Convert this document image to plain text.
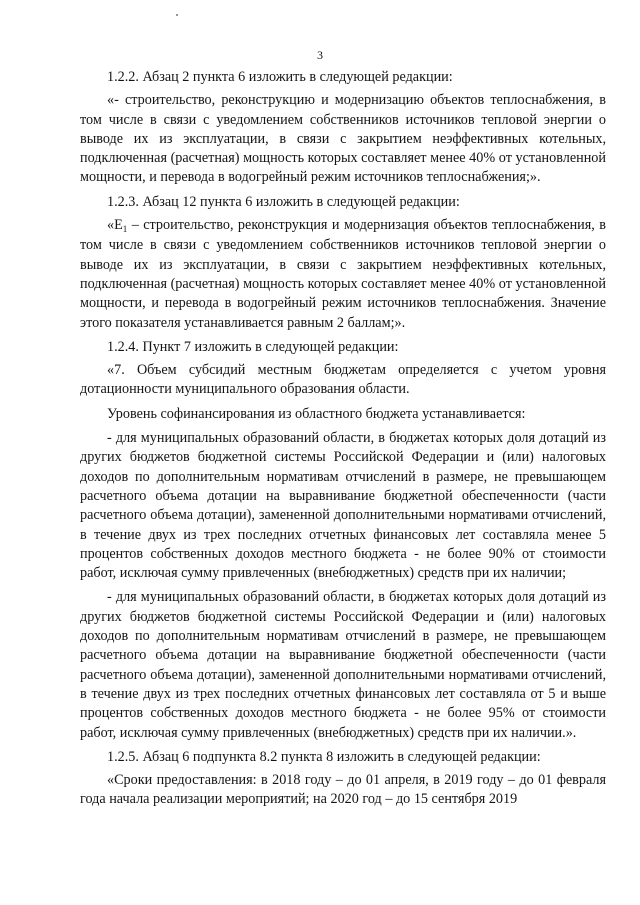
3

1.2.2. Абзац 2 пункта 6 изложить в следующей редакции:

«- строительство, реконструкцию и модернизацию объектов теплоснабжения, в том числе в связи с уведомлением собственников источников тепловой энергии о выводе их из эксплуатации, в связи с закрытием неэффективных котельных, подключенная (расчетная) мощность которых составляет менее 40% от установленной мощности, и перевода в водогрейный режим источников теплоснабжения;».

1.2.3. Абзац 12 пункта 6 изложить в следующей редакции:

«$E_1$ – строительство, реконструкция и модернизация объектов теплоснабжения, в том числе в связи с уведомлением собственников источников тепловой энергии о выводе их из эксплуатации, в связи с закрытием неэффективных котельных, подключенная (расчетная) мощность которых составляет менее 40% от установленной мощности, и перевода в водогрейный режим источников теплоснабжения. Значение этого показателя устанавливается равным 2 баллам;».

1.2.4. Пункт 7 изложить в следующей редакции:

«7. Объем субсидий местным бюджетам определяется с учетом уровня дотационности муниципального образования области.

Уровень софинансирования из областного бюджета устанавливается:

- для муниципальных образований области, в бюджетах которых доля дотаций из других бюджетов бюджетной системы Российской Федерации и (или) налоговых доходов по дополнительным нормативам отчислений в размере, не превышающем расчетного объема дотации на выравнивание бюджетной обеспеченности (части расчетного объема дотации), замененной дополнительными нормативами отчислений, в течение двух из трех последних отчетных финансовых лет составляла менее 5 процентов собственных доходов местного бюджета - не более 90% от стоимости работ, исключая сумму привлеченных (внебюджетных) средств при их наличии;

- для муниципальных образований области, в бюджетах которых доля дотаций из других бюджетов бюджетной системы Российской Федерации и (или) налоговых доходов по дополнительным нормативам отчислений в размере, не превышающем расчетного объема дотации на выравнивание бюджетной обеспеченности (части расчетного объема дотации), замененной дополнительными нормативами отчислений, в течение двух из трех последних отчетных финансовых лет составляла от 5 и выше процентов собственных доходов местного бюджета - не более 95% от стоимости работ, исключая сумму привлеченных (внебюджетных) средств при их наличии.».

1.2.5. Абзац 6 подпункта 8.2 пункта 8 изложить в следующей редакции:

«Сроки предоставления: в 2018 году – до 01 апреля, в 2019 году – до 01 февраля года начала реализации мероприятий; на 2020 год – до 15 сентября 2019
